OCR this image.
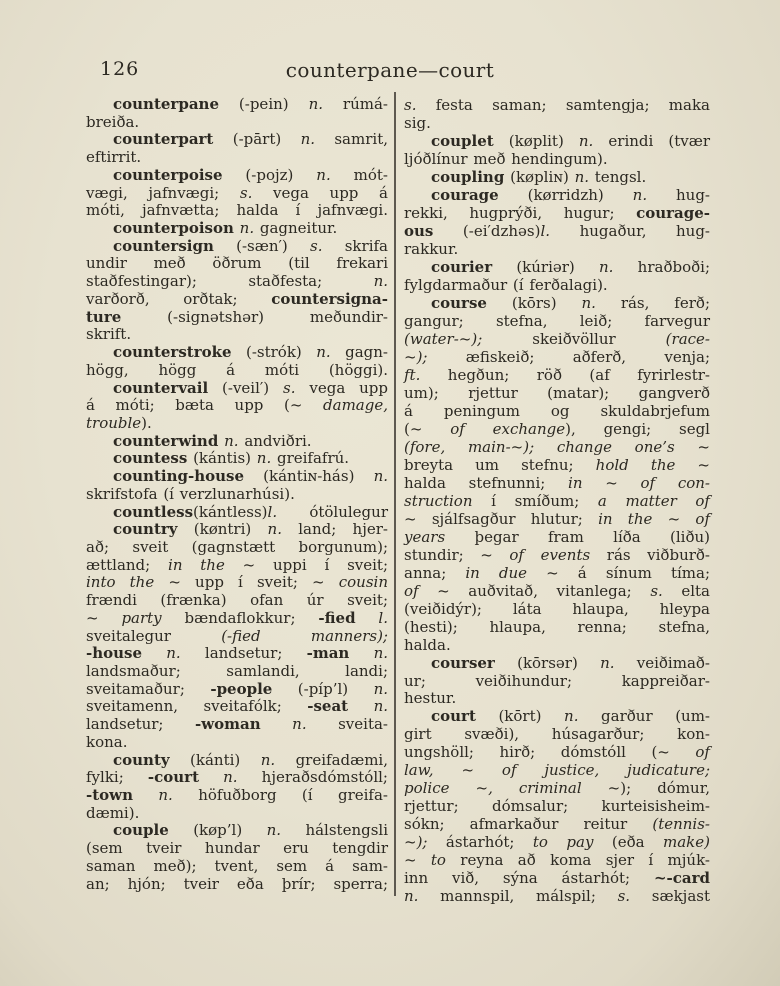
126	counterpane—court
counterpane (-pein) n. rúmá-
breiða.
counterpart (-pārt) n. samrit,
eftirrit.
counterpoise (-pojz) n. mót-
vægi, jafnvægi; s. vega upp á
móti, jafnvætta; halda í jafnvægi.
counterpoison n. gagneitur.
countersign (-sæn′) s. skrifa
undir með öðrum (til frekari
staðfestingar); staðfesta; n.
varðorð, orðtak; countersigna-
ture (-signətshər) meðundir-
skrift.
counterstroke (-strók) n. gagn-
högg, högg á móti (höggi).
countervail (-veil′) s. vega upp
á móti; bæta upp (~ damage,
trouble).
counterwind n. andviðri.
countess (kántis) n. greifafrú.
counting-house (kántiɴ-hás) n.
skrifstofa (í verzlunarhúsi).
countless(kántless)l. ótölulegur
country (køntri) n. land; hjer-
að; sveit (gagnstætt borgunum);
ættland; in the ~ uppi í sveit;
into the ~ upp í sveit; ~ cousin
frændi (frænka) ofan úr sveit;
~ party bændaflokkur; -fied l.
sveitalegur (-fied manners);
-house n. landsetur; -man n.
landsmaður; samlandi, landi;
sveitamaður; -people (-píp’l) n.
sveitamenn, sveitafólk; -seat n.
landsetur; -woman n. sveita-
kona.
county (kánti) n. greifadæmi,
fylki; -court n. hjeraðsdómstóll;
-town n. höfuðborg (í greifa-
dæmi).
couple (køp’l) n. hálstengsli
(sem tveir hundar eru tengdir
saman með); tvent, sem á sam-
an; hjón; tveir eða þrír; sperra;
s. festa saman; samtengja; maka
sig.
couplet (køplit) n. erindi (tvær
ljóðlínur með hendingum).
coupling (køpliɴ) n. tengsl.
courage (kørridzh) n. hug-
rekki, hugprýði, hugur; courage-
ous (-ei′dzhəs)l. hugaður, hug-
rakkur.
courier (kúriər) n. hraðboði;
fylgdarmaður (í ferðalagi).
course (kōrs) n. rás, ferð;
gangur; stefna, leið; farvegur
(water-~); skeiðvöllur (race-
~); æfiskeið; aðferð, venja;
ft. hegðun; röð (af fyrirlestr-
um); rjettur (matar); gangverð
á peningum og skuldabrjefum
(~ of exchange), gengi; segl
(fore, main-~); change one’s ~
breyta um stefnu; hold the ~
halda stefnunni; in ~ of con-
struction í smíðum; a matter of
~ sjálfsagður hlutur; in the ~ of
years þegar fram líða (liðu)
stundir; ~ of events rás viðburð-
anna; in due ~ á sínum tíma;
of ~ auðvitað, vitanlega; s. elta
(veiðidýr); láta hlaupa, hleypa
(hesti); hlaupa, renna; stefna,
halda.
courser (kōrsər) n. veiðimað-
ur; veiðihundur; kappreiðar-
hestur.
court (kōrt) n. garður (um-
girt svæði), húsagarður; kon-
ungshöll; hirð; dómstóll (~ of
law, ~ of justice, judicature;
police ~, criminal ~); dómur,
rjettur; dómsalur; kurteisisheim-
sókn; afmarkaður reitur (tennis-
~); ástarhót; to pay (eða make)
~ to reyna að koma sjer í mjúk-
inn við, sýna ástarhót; ~-card
n. mannspil, málspil; s. sækjast
